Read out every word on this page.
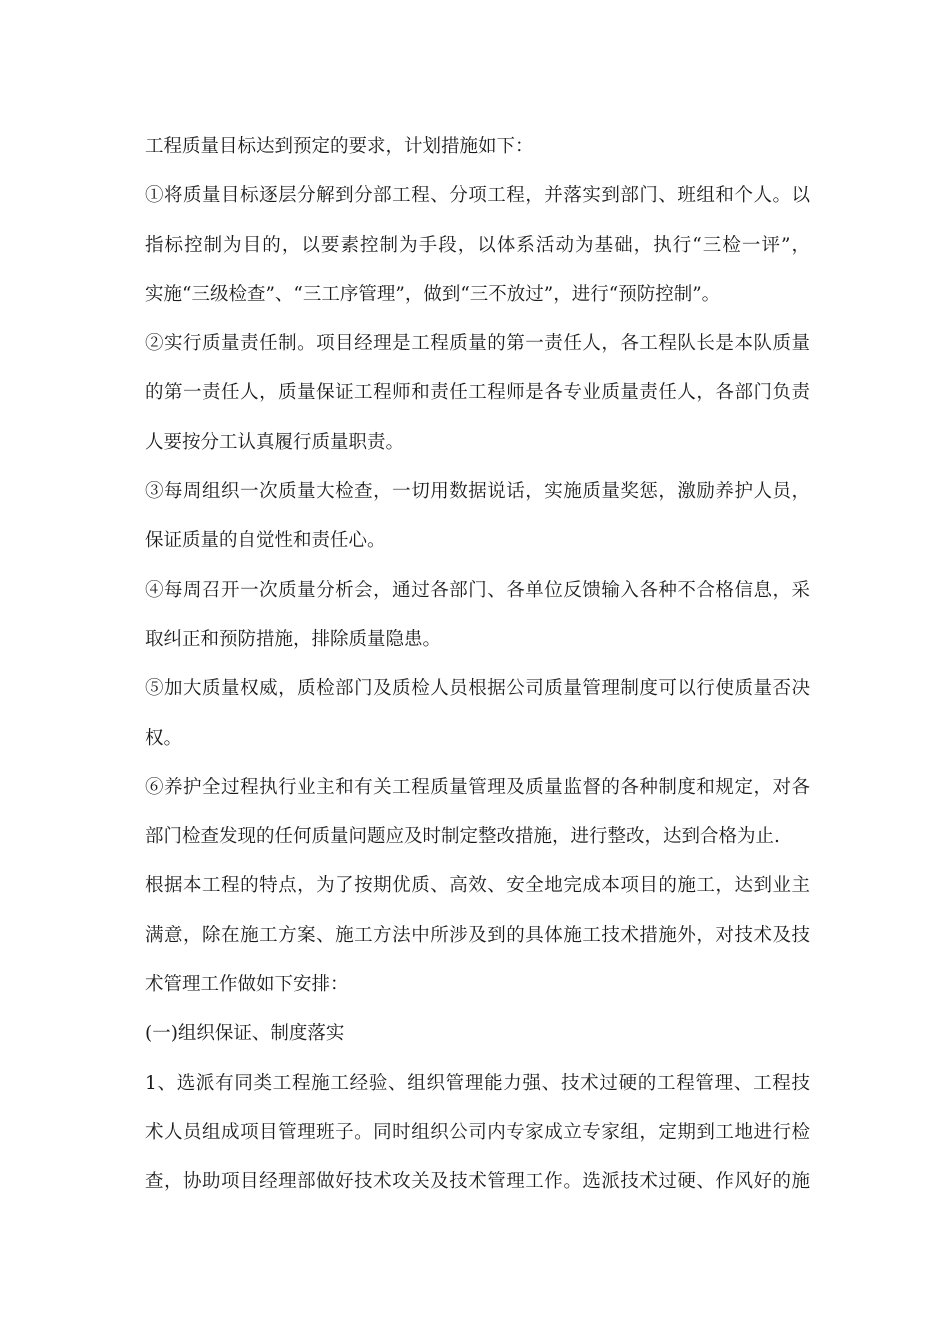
工程质量目标达到预定的要求，计划措施如下：
①将质量目标逐层分解到分部工程、分项工程，并落实到部门、班组和个人。以
指标控制为目的，以要素控制为手段，以体系活动为基础，执行“三检一评”，
实施“三级检查”、“三工序管理”，做到“三不放过”，进行“预防控制”。
②实行质量责任制。项目经理是工程质量的第一责任人，各工程队长是本队质量
的第一责任人，质量保证工程师和责任工程师是各专业质量责任人，各部门负责
人要按分工认真履行质量职责。
③每周组织一次质量大检查，一切用数据说话，实施质量奖惩，激励养护人员，
保证质量的自觉性和责任心。
④每周召开一次质量分析会，通过各部门、各单位反馈输入各种不合格信息，采
取纠正和预防措施，排除质量隐患。
⑤加大质量权威，质检部门及质检人员根据公司质量管理制度可以行使质量否决
权。
⑥养护全过程执行业主和有关工程质量管理及质量监督的各种制度和规定，对各
部门检查发现的任何质量问题应及时制定整改措施，进行整改，达到合格为止.
根据本工程的特点，为了按期优质、高效、安全地完成本项目的施工，达到业主
满意，除在施工方案、施工方法中所涉及到的具体施工技术措施外，对技术及技
术管理工作做如下安排：
(一)组织保证、制度落实
1、选派有同类工程施工经验、组织管理能力强、技术过硬的工程管理、工程技
术人员组成项目管理班子。同时组织公司内专家成立专家组，定期到工地进行检
查，协助项目经理部做好技术攻关及技术管理工作。选派技术过硬、作风好的施
